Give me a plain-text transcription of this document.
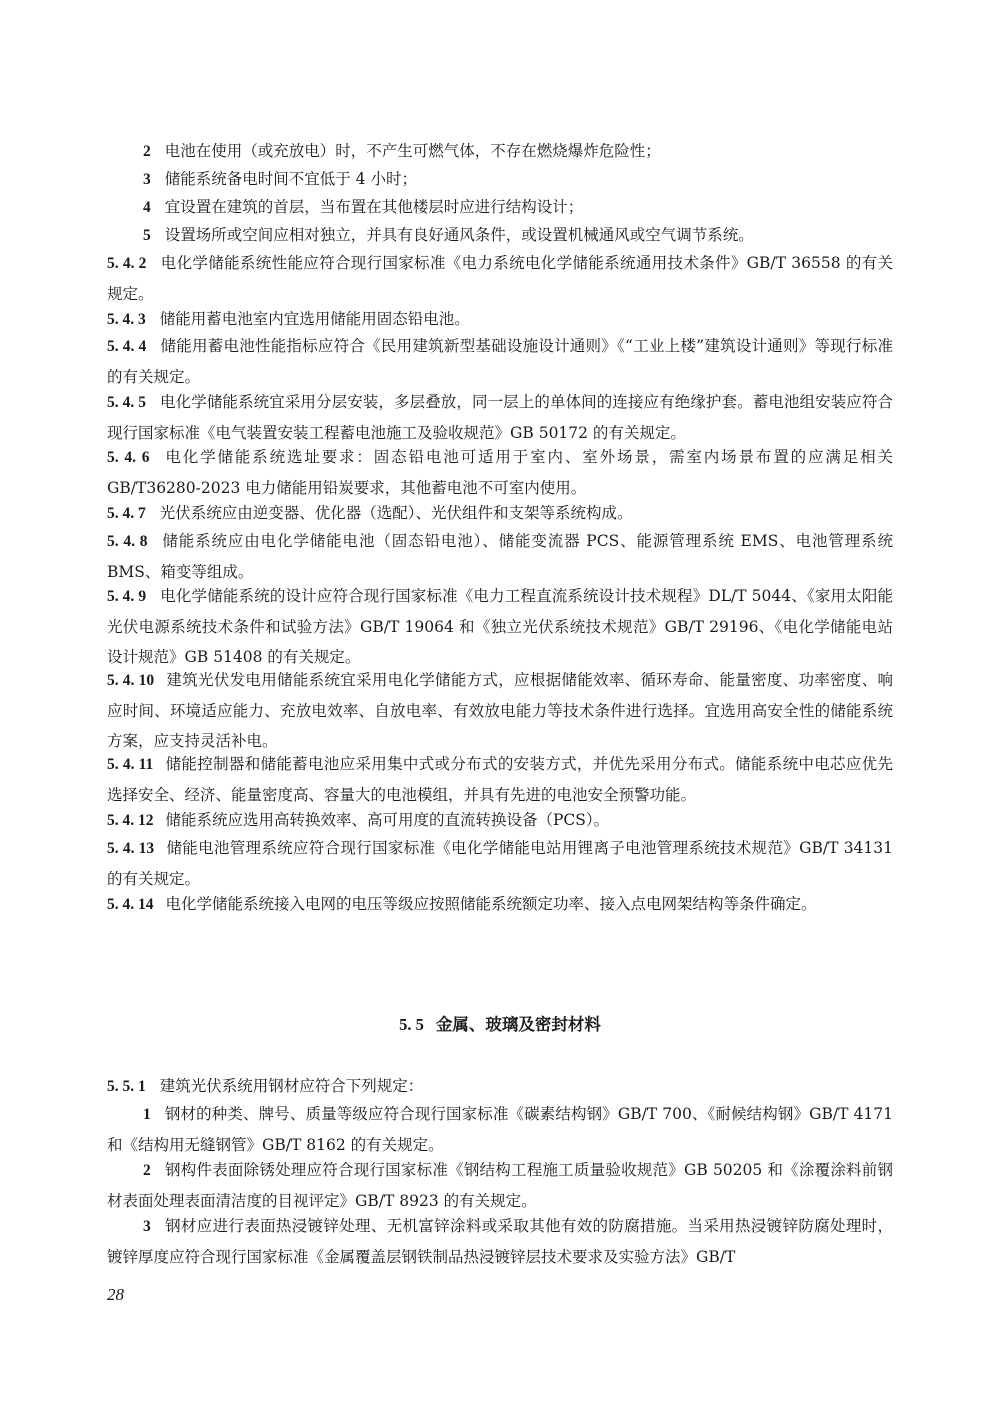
2 电池在使用（或充放电）时，不产生可燃气体，不存在燃烧爆炸危险性；
3 储能系统备电时间不宜低于 4 小时；
4 宜设置在建筑的首层，当布置在其他楼层时应进行结构设计；
5 设置场所或空间应相对独立，并具有良好通风条件，或设置机械通风或空气调节系统。
5. 4. 2 电化学储能系统性能应符合现行国家标准《电力系统电化学储能系统通用技术条件》GB/T 36558 的有关规定。
5. 4. 3 储能用蓄电池室内宜选用储能用固态铅电池。
5. 4. 4 储能用蓄电池性能指标应符合《民用建筑新型基础设施设计通则》《“工业上楼”建筑设计通则》等现行标准的有关规定。
5. 4. 5 电化学储能系统宜采用分层安装，多层叠放，同一层上的单体间的连接应有绝缘护套。蓄电池组安装应符合现行国家标准《电气装置安装工程蓄电池施工及验收规范》GB 50172 的有关规定。
5. 4. 6 电化学储能系统选址要求：固态铅电池可适用于室内、室外场景，需室内场景布置的应满足相关 GB/T36280-2023 电力储能用铅炭要求，其他蓄电池不可室内使用。
5. 4. 7 光伏系统应由逆变器、优化器（选配）、光伏组件和支架等系统构成。
5. 4. 8 储能系统应由电化学储能电池（固态铅电池）、储能变流器 PCS、能源管理系统 EMS、电池管理系统 BMS、箱变等组成。
5. 4. 9 电化学储能系统的设计应符合现行国家标准《电力工程直流系统设计技术规程》DL/T 5044、《家用太阳能光伏电源系统技术条件和试验方法》GB/T 19064 和《独立光伏系统技术规范》GB/T 29196、《电化学储能电站设计规范》GB 51408 的有关规定。
5. 4. 10 建筑光伏发电用储能系统宜采用电化学储能方式，应根据储能效率、循环寿命、能量密度、功率密度、响应时间、环境适应能力、充放电效率、自放电率、有效放电能力等技术条件进行选择。宜选用高安全性的储能系统方案，应支持灵活补电。
5. 4. 11 储能控制器和储能蓄电池应采用集中式或分布式的安装方式，并优先采用分布式。储能系统中电芯应优先选择安全、经济、能量密度高、容量大的电池模组，并具有先进的电池安全预警功能。
5. 4. 12 储能系统应选用高转换效率、高可用度的直流转换设备（PCS）。
5. 4. 13 储能电池管理系统应符合现行国家标准《电化学储能电站用锂离子电池管理系统技术规范》GB/T 34131 的有关规定。
5. 4. 14 电化学储能系统接入电网的电压等级应按照储能系统额定功率、接入点电网架结构等条件确定。
5. 5 金属、玻璃及密封材料
5. 5. 1 建筑光伏系统用钢材应符合下列规定：
1 钢材的种类、牌号、质量等级应符合现行国家标准《碳素结构钢》GB/T 700、《耐候结构钢》GB/T 4171 和《结构用无缝钢管》GB/T 8162 的有关规定。
2 钢构件表面除锈处理应符合现行国家标准《钢结构工程施工质量验收规范》GB 50205 和《涂覆涂料前钢材表面处理表面清洁度的目视评定》GB/T 8923 的有关规定。
3 钢材应进行表面热浸镀锌处理、无机富锌涂料或采取其他有效的防腐措施。当采用热浸镀锌防腐处理时，镀锌厚度应符合现行国家标准《金属覆盖层钢铁制品热浸镀锌层技术要求及实验方法》GB/T
28
